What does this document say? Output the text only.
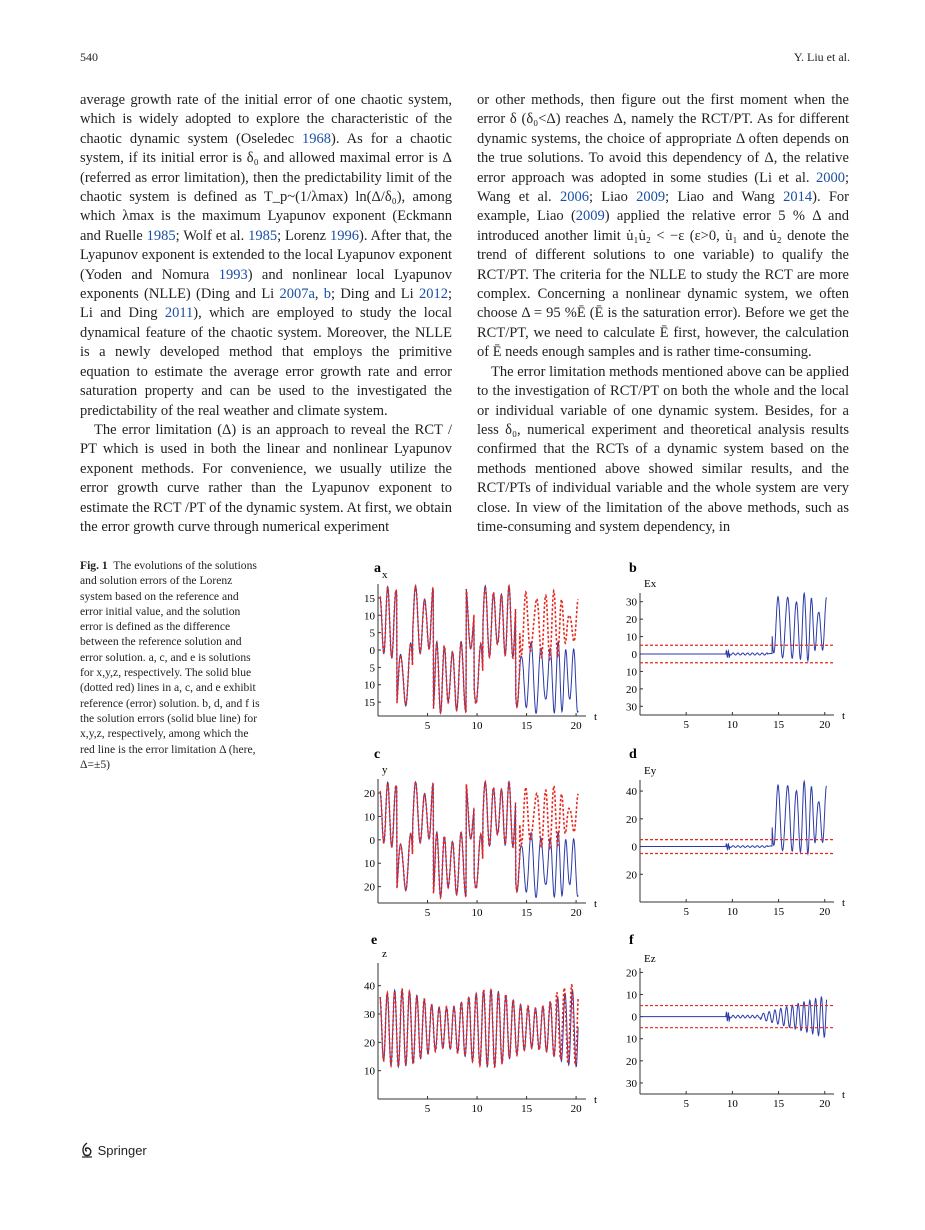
540	Y. Liu et al.

average growth rate of the initial error of one chaotic system, which is widely adopted to explore the characteristic of the chaotic dynamic system (Oseledec 1968). As for a chaotic system, if its initial error is δ₀ and allowed maximal error is Δ (referred as error limitation), then the predictability limit of the chaotic system is defined as T_p~(1/λmax) ln(Δ/δ₀), among which λmax is the maximum Lyapunov exponent (Eckmann and Ruelle 1985; Wolf et al. 1985; Lorenz 1996). After that, the Lyapunov exponent is extended to the local Lyapunov exponent (Yoden and Nomura 1993) and nonlinear local Lyapunov exponents (NLLE) (Ding and Li 2007a, b; Ding and Li 2012; Li and Ding 2011), which are employed to study the local dynamical feature of the chaotic system. Moreover, the NLLE is a newly developed method that employs the primitive equation to estimate the average error growth rate and error saturation property and can be used to the investigated the predictability of the real weather and climate system.

The error limitation (Δ) is an approach to reveal the RCT / PT which is used in both the linear and nonlinear Lyapunov exponent methods. For convenience, we usually utilize the error growth curve rather than the Lyapunov exponent to estimate the RCT /PT of the dynamic system. At first, we obtain the error growth curve through numerical experiment

or other methods, then figure out the first moment when the error δ (δ₀<Δ) reaches Δ, namely the RCT/PT. As for different dynamic systems, the choice of appropriate Δ often depends on the true solutions. To avoid this dependency of Δ, the relative error approach was adopted in some studies (Li et al. 2000; Wang et al. 2006; Liao 2009; Liao and Wang 2014). For example, Liao (2009) applied the relative error 5 % Δ and introduced another limit u̇₁u̇₂ < −ε (ε>0, u̇₁ and u̇₂ denote the trend of different solutions to one variable) to qualify the RCT/PT. The criteria for the NLLE to study the RCT are more complex. Concerning a nonlinear dynamic system, we often choose Δ = 95 %Ē (Ē is the saturation error). Before we get the RCT/PT, we need to calculate Ē first, however, the calculation of Ē needs enough samples and is rather time-consuming.

The error limitation methods mentioned above can be applied to the investigation of RCT/PT on both the whole and the local or individual variable of one dynamic system. Besides, for a less δ₀, numerical experiment and theoretical analysis results confirmed that the RCTs of a dynamic system based on the methods mentioned above showed similar results, and the RCT/PTs of individual variable and the whole system are very close. In view of the limitation of the above methods, such as time-consuming and system dependency, in

Fig. 1 The evolutions of the solutions and solution errors of the Lorenz system based on the reference and error initial value, and the solution error is defined as the difference between the reference solution and error solution. a, c, and e is solutions for x,y,z, respectively. The solid blue (dotted red) lines in a, c, and e exhibit reference (error) solution. b, d, and f is the solution errors (solid blue line) for x,y,z, respectively, among which the red line is the error limitation Δ (here, Δ=±5)
a x
t
5	10	15	20
15
10
5
0
5
10
15
b
Ex
t
5	10	15	20
30
20
10
0
10
20
30
c
y
t
5	10	15	20
20
10
0
10
20
d
Ey
t
5	10	15	20
40
20
0
20
e
z
t
5	10	15	20
40
30
20
10
f
Ez
t
5	10	15	20
20
10
0
10
20
30
Springer
